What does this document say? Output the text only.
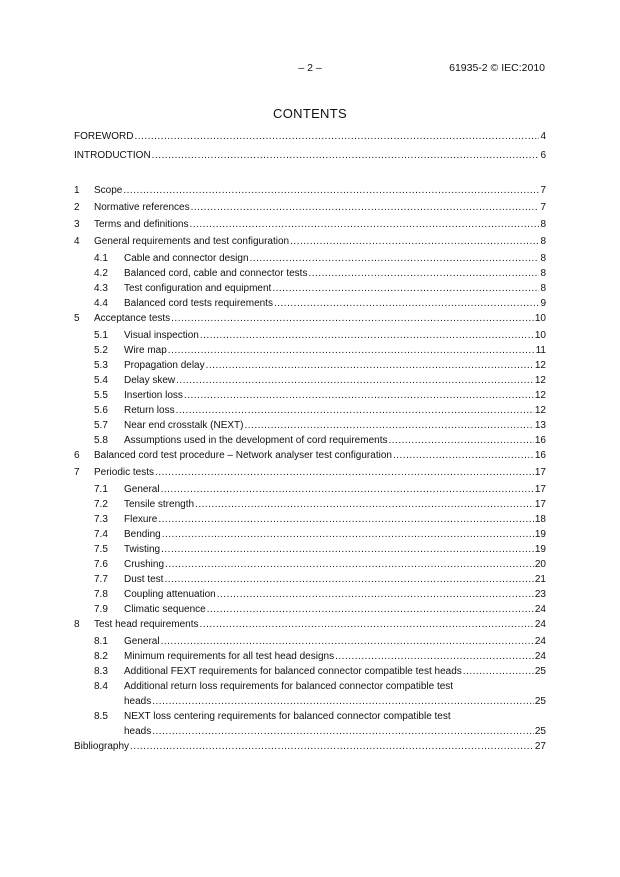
– 2 –	61935-2 © IEC:2010
CONTENTS
FOREWORD .....	4
INTRODUCTION .....	6
1	Scope .....	7
2	Normative references .....	7
3	Terms and definitions .....	8
4	General requirements and test configuration .....	8
4.1	Cable and connector design .....	8
4.2	Balanced cord, cable and connector tests .....	8
4.3	Test configuration and equipment .....	8
4.4	Balanced cord tests requirements .....	9
5	Acceptance tests .....	10
5.1	Visual inspection .....	10
5.2	Wire map .....	11
5.3	Propagation delay .....	12
5.4	Delay skew .....	12
5.5	Insertion loss .....	12
5.6	Return loss .....	12
5.7	Near end crosstalk (NEXT) .....	13
5.8	Assumptions used in the development of cord requirements .....	16
6	Balanced cord test procedure – Network analyser test configuration .....	16
7	Periodic tests .....	17
7.1	General .....	17
7.2	Tensile strength .....	17
7.3	Flexure .....	18
7.4	Bending .....	19
7.5	Twisting .....	19
7.6	Crushing .....	20
7.7	Dust test .....	21
7.8	Coupling attenuation .....	23
7.9	Climatic sequence .....	24
8	Test head requirements .....	24
8.1	General .....	24
8.2	Minimum requirements for all test head designs .....	24
8.3	Additional FEXT requirements for balanced connector compatible test heads .....	25
8.4	Additional return loss requirements for balanced connector compatible test
heads .....	25
8.5	NEXT loss centering requirements for balanced connector compatible test
heads .....	25
Bibliography .....	27
